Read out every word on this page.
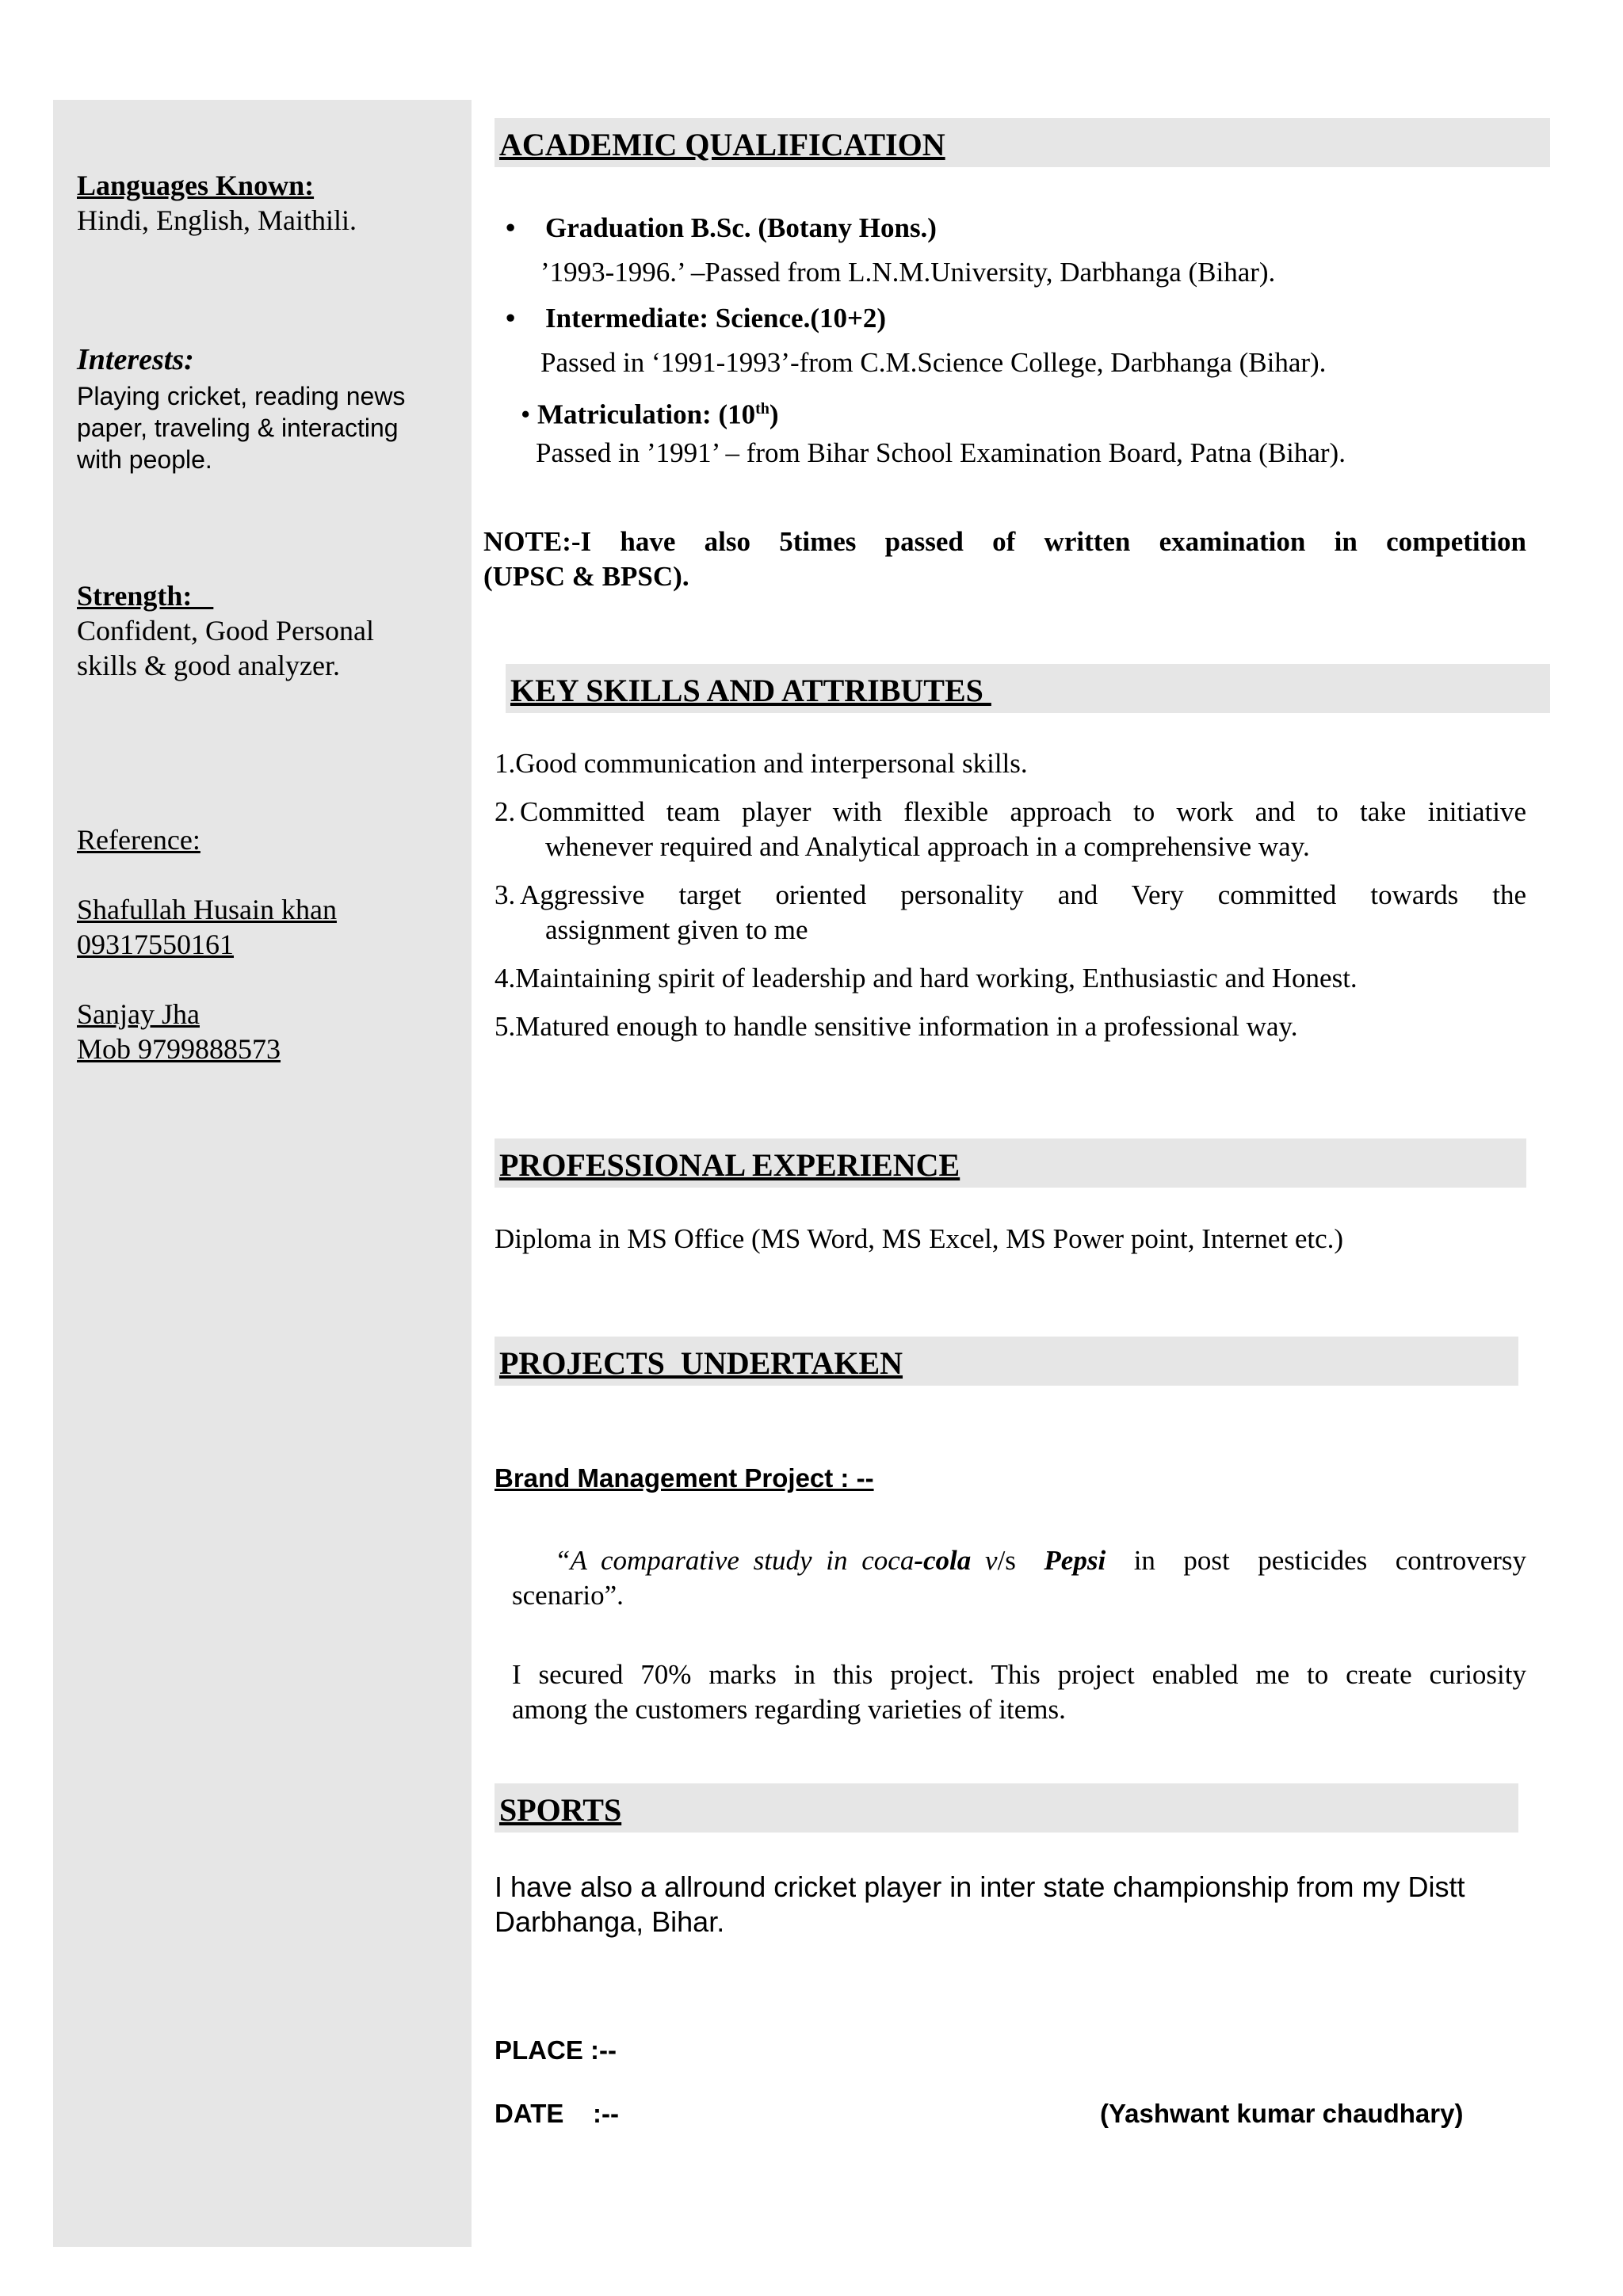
Languages Known:
Hindi, English, Maithili.
Interests:
Playing cricket, reading news
paper, traveling & interacting
with people.
Strength:
Confident, Good Personal
skills & good analyzer.
Reference:
Shafullah Husain khan
09317550161
Sanjay Jha
Mob 9799888573
ACADEMIC QUALIFICATION
• Graduation B.Sc. (Botany Hons.)
’1993-1996.’ –Passed from L.N.M.University, Darbhanga (Bihar).
• Intermediate: Science.(10+2)
Passed in ‘1991-1993’-from C.M.Science College, Darbhanga (Bihar).
• Matriculation: (10th)
Passed in ’1991’ – from Bihar School Examination Board, Patna (Bihar).
NOTE:-I have also 5times passed of written examination in competition
(UPSC & BPSC).
KEY SKILLS AND ATTRIBUTES
1.Good communication and interpersonal skills.
2. Committed team player with flexible approach to work and to take initiative
whenever required and Analytical approach in a comprehensive way.
3. Aggressive target oriented personality and Very committed towards the
assignment given to me
4.Maintaining spirit of leadership and hard working, Enthusiastic and Honest.
5.Matured enough to handle sensitive information in a professional way.
PROFESSIONAL EXPERIENCE
Diploma in MS Office (MS Word, MS Excel, MS Power point, Internet etc.)
PROJECTS  UNDERTAKEN
Brand Management Project : --
“A comparative study in coca-cola v/s  Pepsi  in  post  pesticides  controversy
scenario”.
I secured 70% marks in this project. This project enabled me to create curiosity
among the customers regarding varieties of items.
SPORTS
I have also a allround cricket player in inter state championship from my Distt
Darbhanga, Bihar.
PLACE :--
DATE    :--	(Yashwant kumar chaudhary)
